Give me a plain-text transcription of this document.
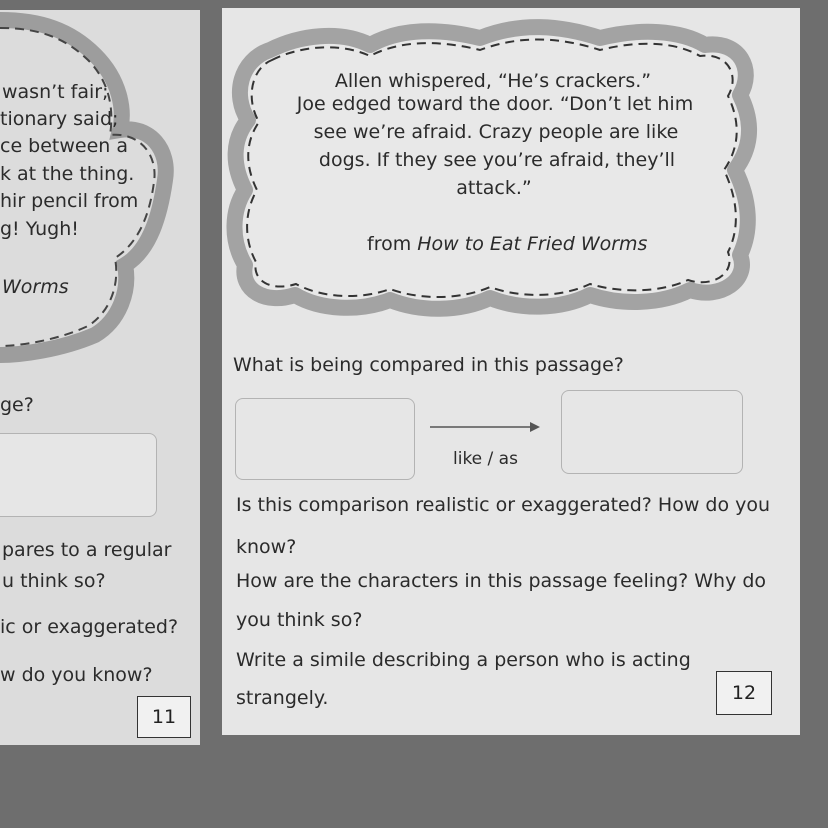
wasn’t fair;
tionary said;
ce between a
k at the thing.
hir pencil from
g! Yugh!
Worms
ge?
pares to a regular
u think so?
ic or exaggerated?
w do you know?
11
Allen whispered, “He’s crackers.”
Joe edged toward the door. “Don’t let him
see we’re afraid. Crazy people are like
dogs. If they see you’re afraid, they’ll
attack.”
from How to Eat Fried Worms
What is being compared in this passage?
like / as
Is this comparison realistic or exaggerated? How do you
know?
How are the characters in this passage feeling? Why do
you think so?
Write a simile describing a person who is acting
strangely.	12
